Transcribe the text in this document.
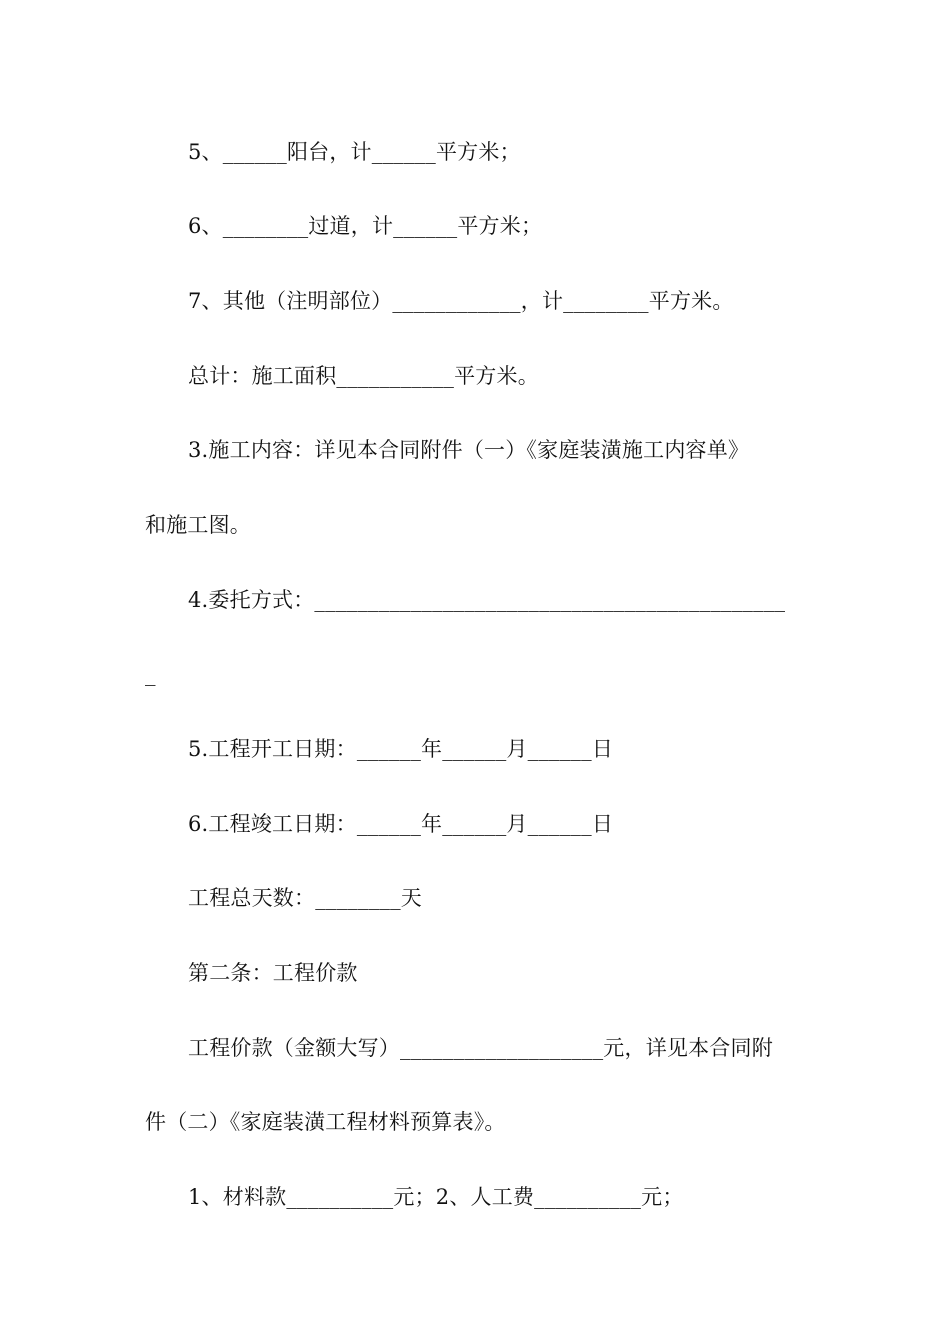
5、______阳台，计______平方米；
6、________过道，计______平方米；
7、其他（注明部位）____________，计________平方米。
总计：施工面积___________平方米。
3.施工内容：详见本合同附件（一）《家庭装潢施工内容单》
和施工图。
4.委托方式：____________________________________________
_
5.工程开工日期：______年______月______日
6.工程竣工日期：______年______月______日
工程总天数：________天
第二条：工程价款
工程价款（金额大写）___________________元，详见本合同附
件（二）《家庭装潢工程材料预算表》。
1、材料款__________元；2、人工费__________元；
